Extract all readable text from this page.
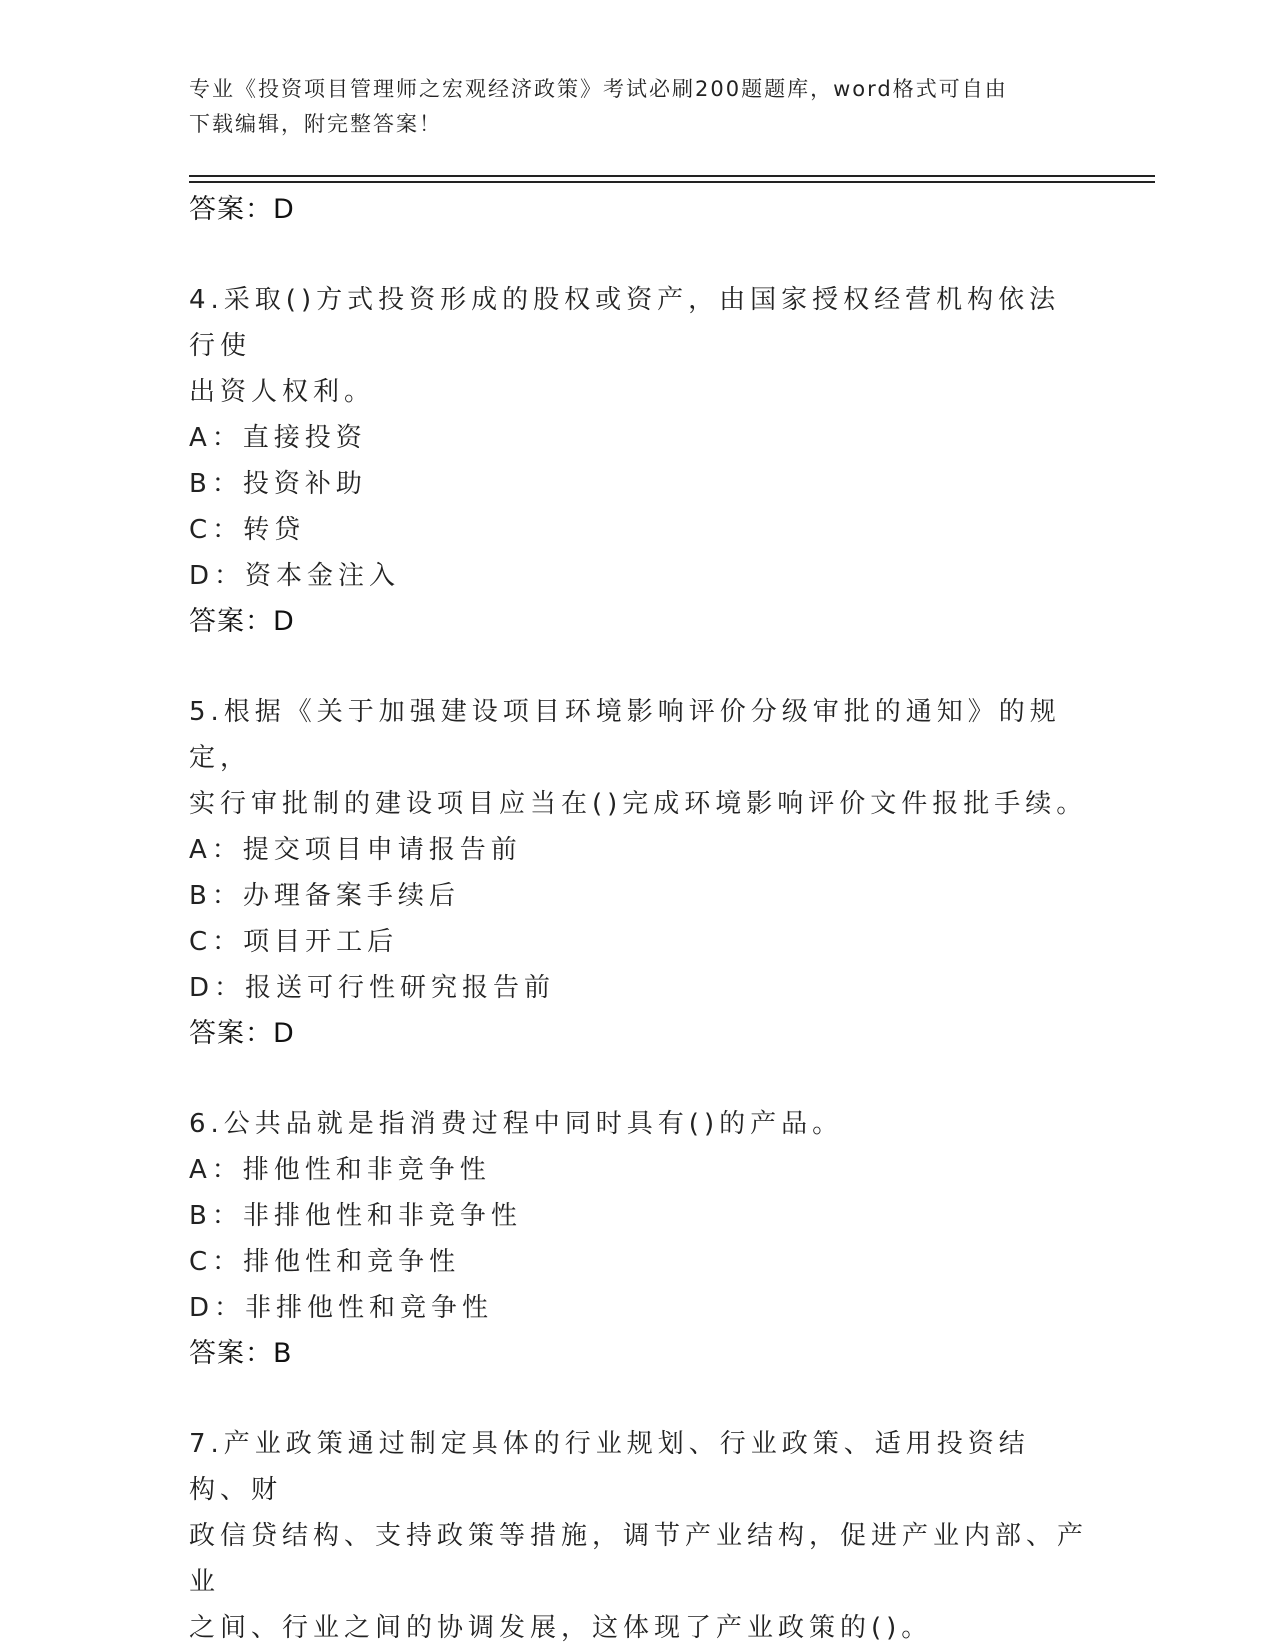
专业《投资项目管理师之宏观经济政策》考试必刷200题题库，word格式可自由
下载编辑，附完整答案！
答案：D
4.采取()方式投资形成的股权或资产，由国家授权经营机构依法行使
出资人权利。
A：直接投资
B：投资补助
C：转贷
D：资本金注入
答案：D
5.根据《关于加强建设项目环境影响评价分级审批的通知》的规定，
实行审批制的建设项目应当在()完成环境影响评价文件报批手续。
A：提交项目申请报告前
B：办理备案手续后
C：项目开工后
D：报送可行性研究报告前
答案：D
6.公共品就是指消费过程中同时具有()的产品。
A：排他性和非竞争性
B：非排他性和非竞争性
C：排他性和竞争性
D：非排他性和竞争性
答案：B
7.产业政策通过制定具体的行业规划、行业政策、适用投资结构、财
政信贷结构、支持政策等措施，调节产业结构，促进产业内部、产业
之间、行业之间的协调发展，这体现了产业政策的()。
